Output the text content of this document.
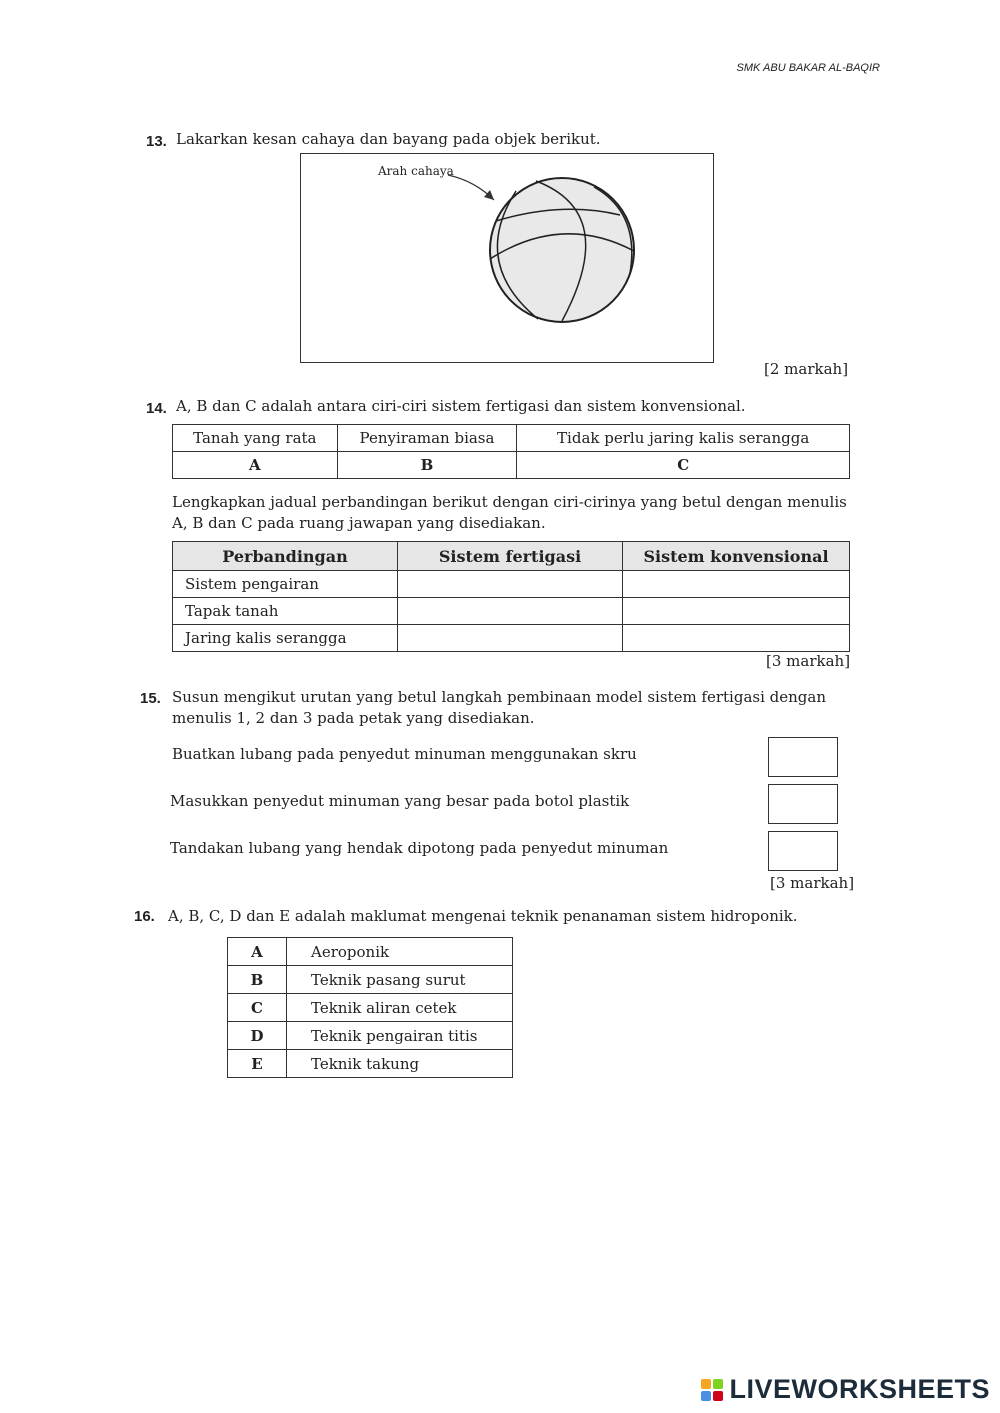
SMK ABU BAKAR AL-BAQIR
13. Lakarkan kesan cahaya dan bayang pada objek berikut.
Arah cahaya
[2 markah]
14. A, B dan C adalah antara ciri-ciri sistem fertigasi dan sistem konvensional.
Tanah yang rata	Penyiraman biasa	Tidak perlu jaring kalis serangga
A	B	C
Lengkapkan jadual perbandingan berikut dengan ciri-cirinya yang betul dengan menulis A, B dan C pada ruang jawapan yang disediakan.
Perbandingan	Sistem fertigasi	Sistem konvensional
Sistem pengairan		
Tapak tanah		
Jaring kalis serangga		
[3 markah]
15. Susun mengikut urutan yang betul langkah pembinaan model sistem fertigasi dengan menulis 1, 2 dan 3 pada petak yang disediakan.
Buatkan lubang pada penyedut minuman menggunakan skru
Masukkan penyedut minuman yang besar pada botol plastik
Tandakan lubang yang hendak dipotong pada penyedut minuman
[3 markah]
16. A, B, C, D dan E adalah maklumat mengenai teknik penanaman sistem hidroponik.
A	Aeroponik
B	Teknik pasang surut
C	Teknik aliran cetek
D	Teknik pengairan titis
E	Teknik takung
LIVEWORKSHEETS
